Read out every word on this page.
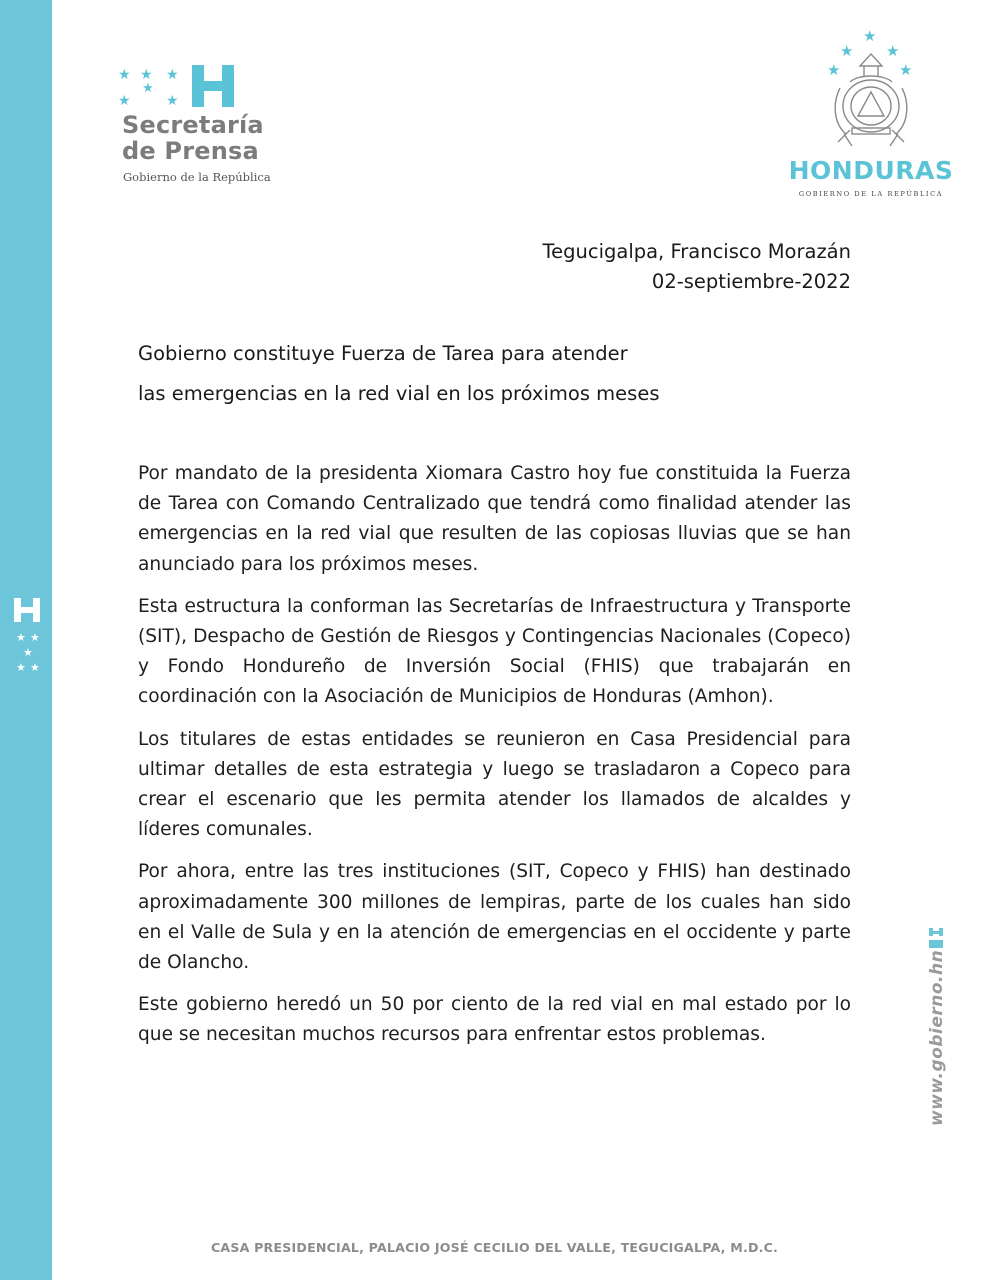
★ ★
★
★ ★
★ ★ ★
★
★	★
Secretaría
de Prensa
Gobierno de la República
★
★ ★
★	★
HONDURAS
GOBIERNO DE LA REPÚBLICA
Tegucigalpa, Francisco Morazán
02-septiembre-2022
Gobierno constituye Fuerza de Tarea para atender
las emergencias en la red vial en los próximos meses

Por mandato de la presidenta Xiomara Castro hoy fue constituida la Fuerza de Tarea con Comando Centralizado que tendrá como finalidad atender las emergencias en la red vial que resulten de las copiosas lluvias que se han anunciado para los próximos meses.

Esta estructura la conforman las Secretarías de Infraestructura y Transporte (SIT), Despacho de Gestión de Riesgos y Contingencias Nacionales (Copeco) y Fondo Hondureño de Inversión Social (FHIS) que trabajarán en coordinación con la Asociación de Municipios de Honduras (Amhon).

Los titulares de estas entidades se reunieron en Casa Presidencial para ultimar detalles de esta estrategia y luego se trasladaron a Copeco para crear el escenario que les permita atender los llamados de alcaldes y líderes comunales.

Por ahora, entre las tres instituciones (SIT, Copeco y FHIS) han destinado aproximadamente 300 millones de lempiras, parte de los cuales han sido en el Valle de Sula y en la atención de emergencias en el occidente y parte de Olancho.

Este gobierno heredó un 50 por ciento de la red vial en mal estado por lo que se necesitan muchos recursos para enfrentar estos problemas.	www.gobierno.hn
CASA PRESIDENCIAL, PALACIO JOSÉ CECILIO DEL VALLE, TEGUCIGALPA, M.D.C.
